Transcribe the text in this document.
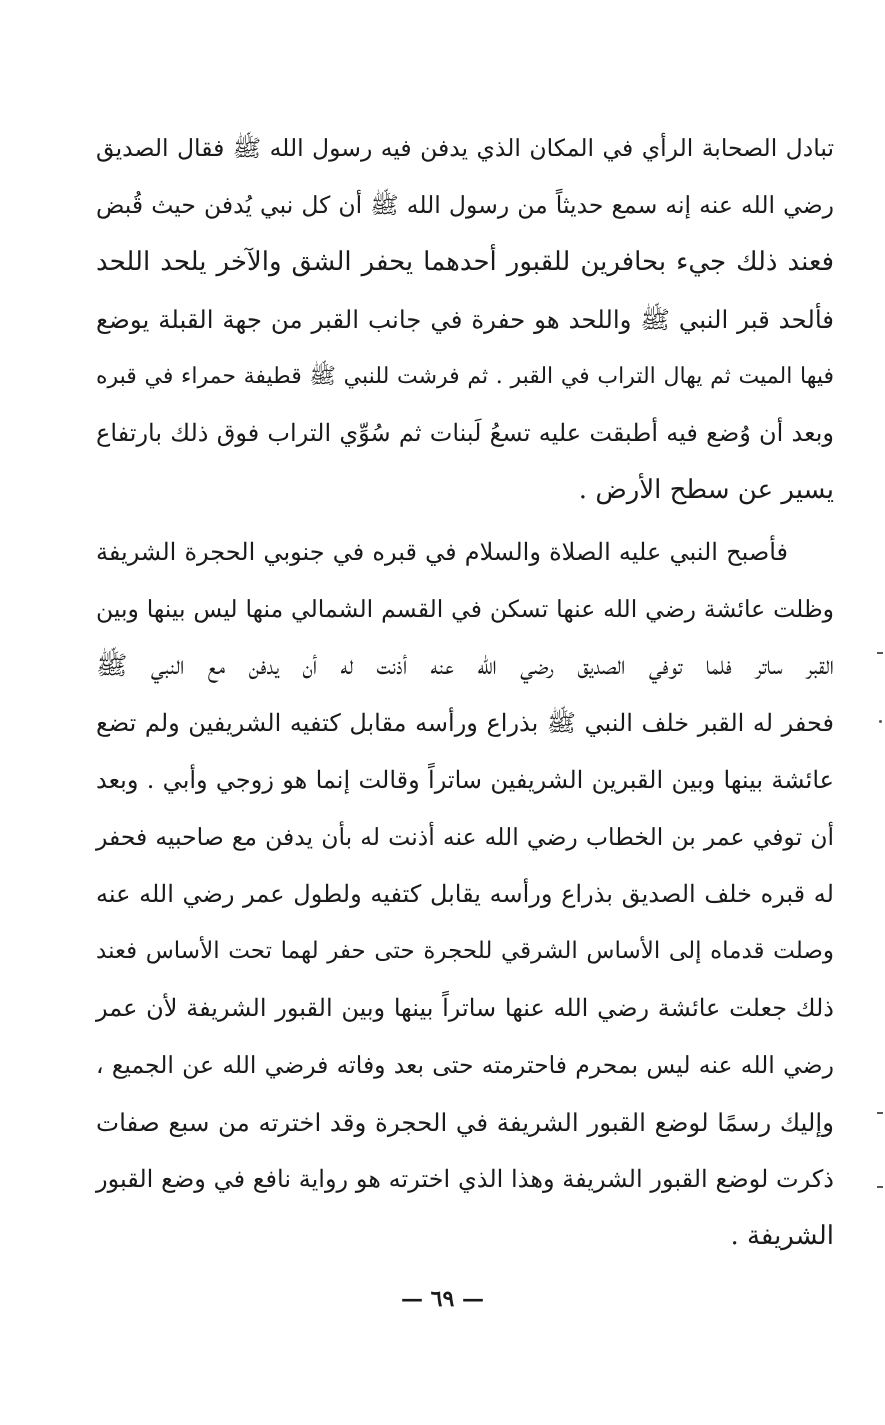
تبادل الصحابة الرأي في المكان الذي يدفن فيه رسول الله ﷺ فقال الصديق
رضي الله عنه إنه سمع حديثاً من رسول الله ﷺ أن كل نبي يُدفن حيث قُبض
فعند ذلك جيء بحافرين للقبور أحدهما يحفر الشق والآخر يلحد اللحد
فألحد قبر النبي ﷺ واللحد هو حفرة في جانب القبر من جهة القبلة يوضع
فيها الميت ثم يهال التراب في القبر . ثم فرشت للنبي ﷺ قطيفة حمراء في قبره
وبعد أن وُضع فيه أطبقت عليه تسعُ لَبنات ثم سُوِّي التراب فوق ذلك بارتفاع
يسير عن سطح الأرض .
فأصبح النبي عليه الصلاة والسلام في قبره في جنوبي الحجرة الشريفة
وظلت عائشة رضي الله عنها تسكن في القسم الشمالي منها ليس بينها وبين
القبر ساتر فلما توفي الصديق رضي الله عنه أذنت له أن يدفن مع النبي ﷺ
فحفر له القبر خلف النبي ﷺ بذراع ورأسه مقابل كتفيه الشريفين ولم تضع
عائشة بينها وبين القبرين الشريفين ساتراً وقالت إنما هو زوجي وأبي . وبعد
أن توفي عمر بن الخطاب رضي الله عنه أذنت له بأن يدفن مع صاحبيه فحفر
له قبره خلف الصديق بذراع ورأسه يقابل كتفيه ولطول عمر رضي الله عنه
وصلت قدماه إلى الأساس الشرقي للحجرة حتى حفر لهما تحت الأساس فعند
ذلك جعلت عائشة رضي الله عنها ساتراً بينها وبين القبور الشريفة لأن عمر
رضي الله عنه ليس بمحرم فاحترمته حتى بعد وفاته فرضي الله عن الجميع ،
وإليك رسمًا لوضع القبور الشريفة في الحجرة وقد اخترته من سبع صفات
ذكرت لوضع القبور الشريفة وهذا الذي اخترته هو رواية نافع في وضع القبور
الشريفة .
— ٦٩ —
